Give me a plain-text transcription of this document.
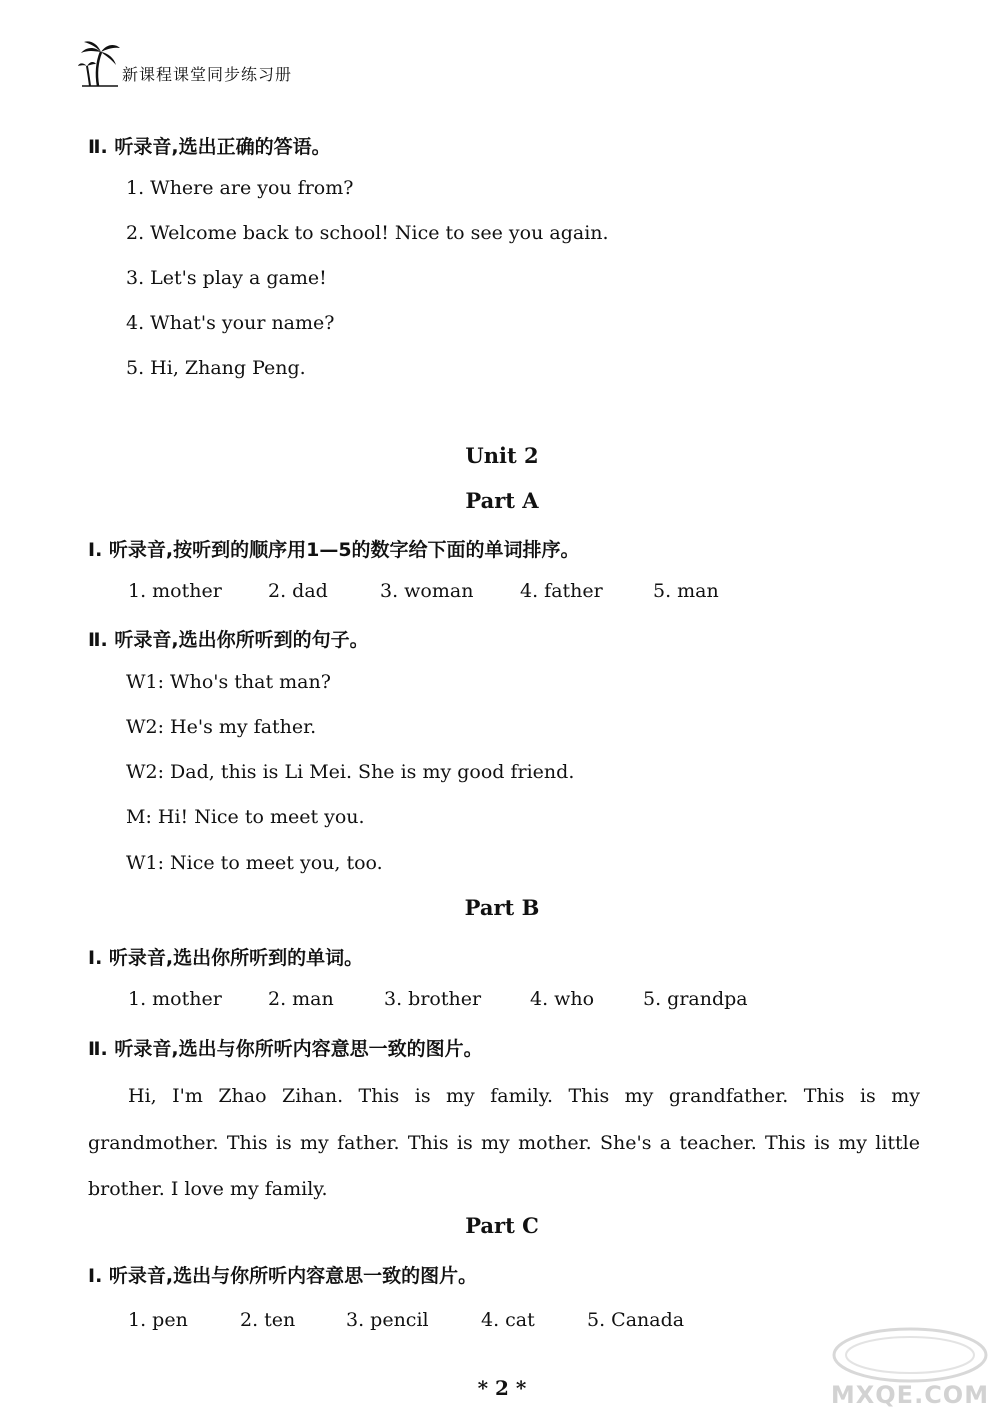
新课程课堂同步练习册
Ⅱ. 听录音,选出正确的答语。
1. Where are you from?
2. Welcome back to school! Nice to see you again.
3. Let's play a game!
4. What's your name?
5. Hi, Zhang Peng.
Unit 2
Part A
Ⅰ. 听录音,按听到的顺序用1—5的数字给下面的单词排序。
1. mother 2. dad	3. woman 4. father	5. man
Ⅱ. 听录音,选出你所听到的句子。
W1: Who's that man?
W2: He's my father.
W2: Dad, this is Li Mei. She is my good friend.
M: Hi! Nice to meet you.
W1: Nice to meet you, too.
Part B
Ⅰ. 听录音,选出你所听到的单词。
1. mother 2. man	3. brother	4. who	5. grandpa
Ⅱ. 听录音,选出与你所听内容意思一致的图片。
Hi, I'm Zhao Zihan. This is my family. This my grandfather. This is my grandmother. This is my father. This is my mother. She's a teacher. This is my little brother. I love my family.
Part C
Ⅰ. 听录音,选出与你所听内容意思一致的图片。
1. pen	2. ten	3. pencil	4. cat	5. Canada
* 2 *	MXQE.COM
